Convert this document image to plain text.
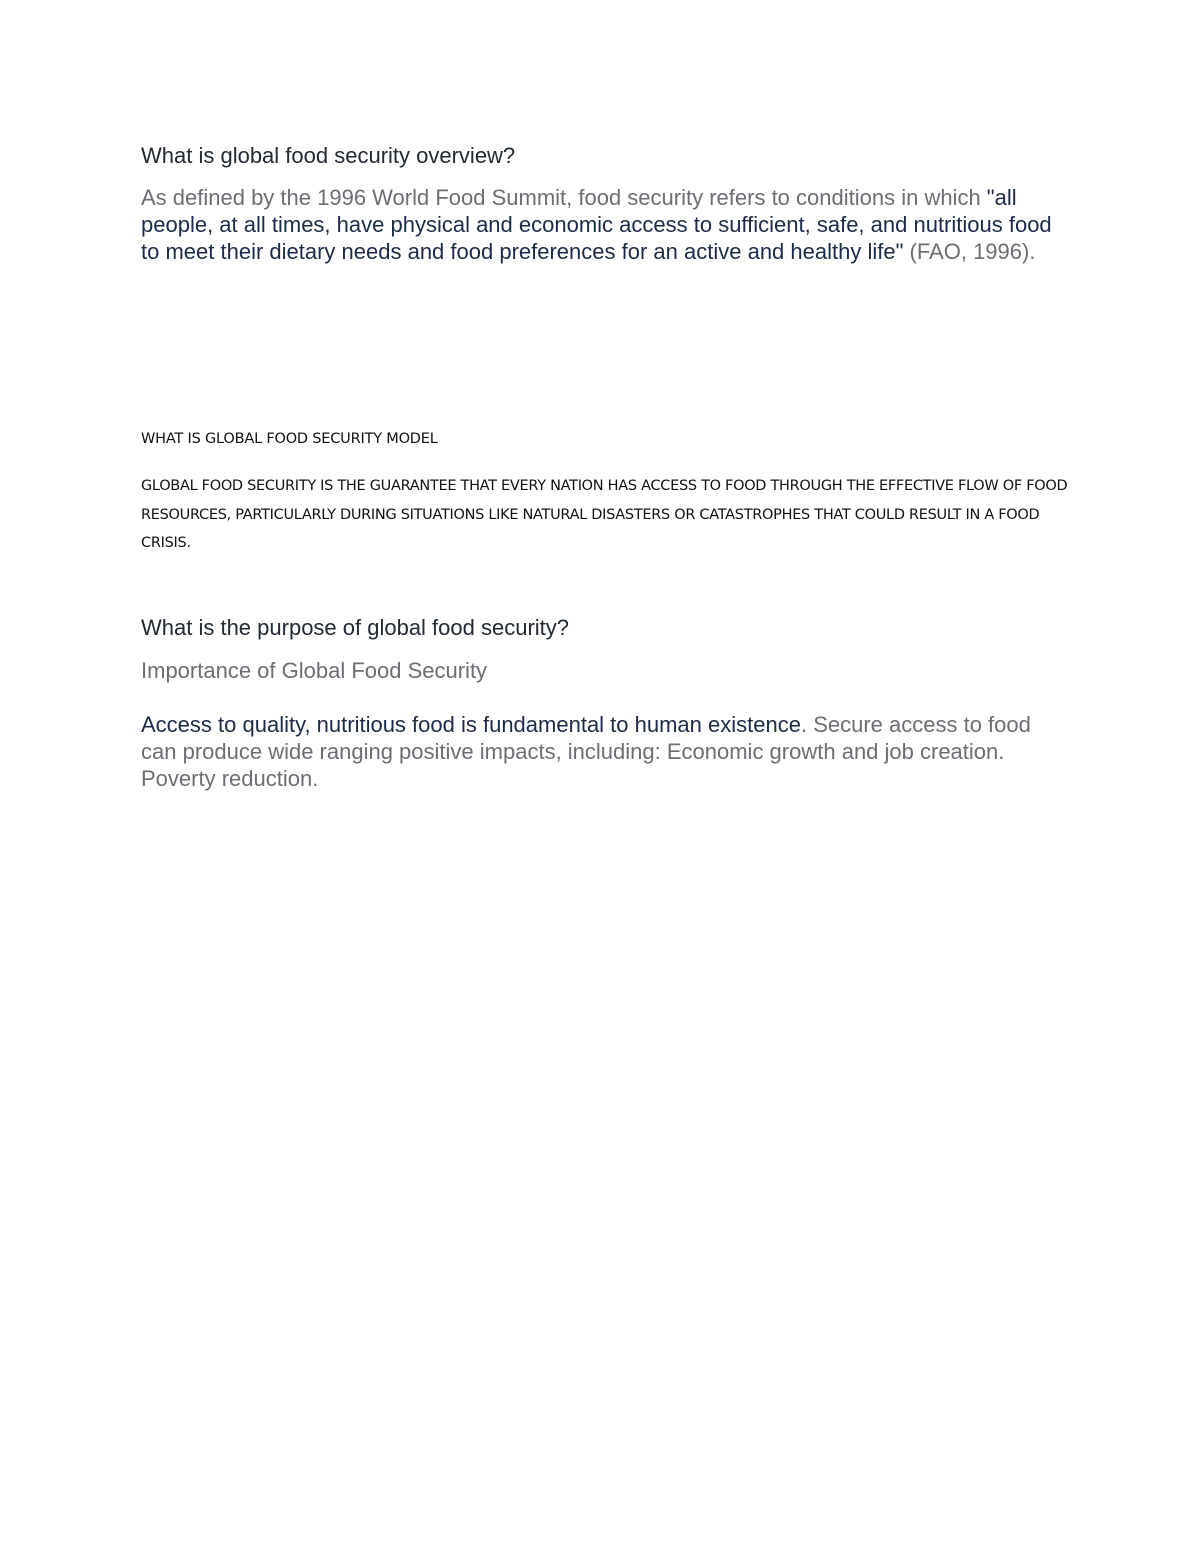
What is global food security overview?

As defined by the 1996 World Food Summit, food security refers to conditions in which "all people, at all times, have physical and economic access to sufficient, safe, and nutritious food to meet their dietary needs and food preferences for an active and healthy life" (FAO, 1996).

WHAT IS GLOBAL FOOD SECURITY MODEL

GLOBAL FOOD SECURITY IS THE GUARANTEE THAT EVERY NATION HAS ACCESS TO FOOD THROUGH THE EFFECTIVE FLOW OF FOOD RESOURCES, PARTICULARLY DURING SITUATIONS LIKE NATURAL DISASTERS OR CATASTROPHES THAT COULD RESULT IN A FOOD CRISIS.

What is the purpose of global food security?

Importance of Global Food Security

Access to quality, nutritious food is fundamental to human existence. Secure access to food can produce wide ranging positive impacts, including: Economic growth and job creation. Poverty reduction.
